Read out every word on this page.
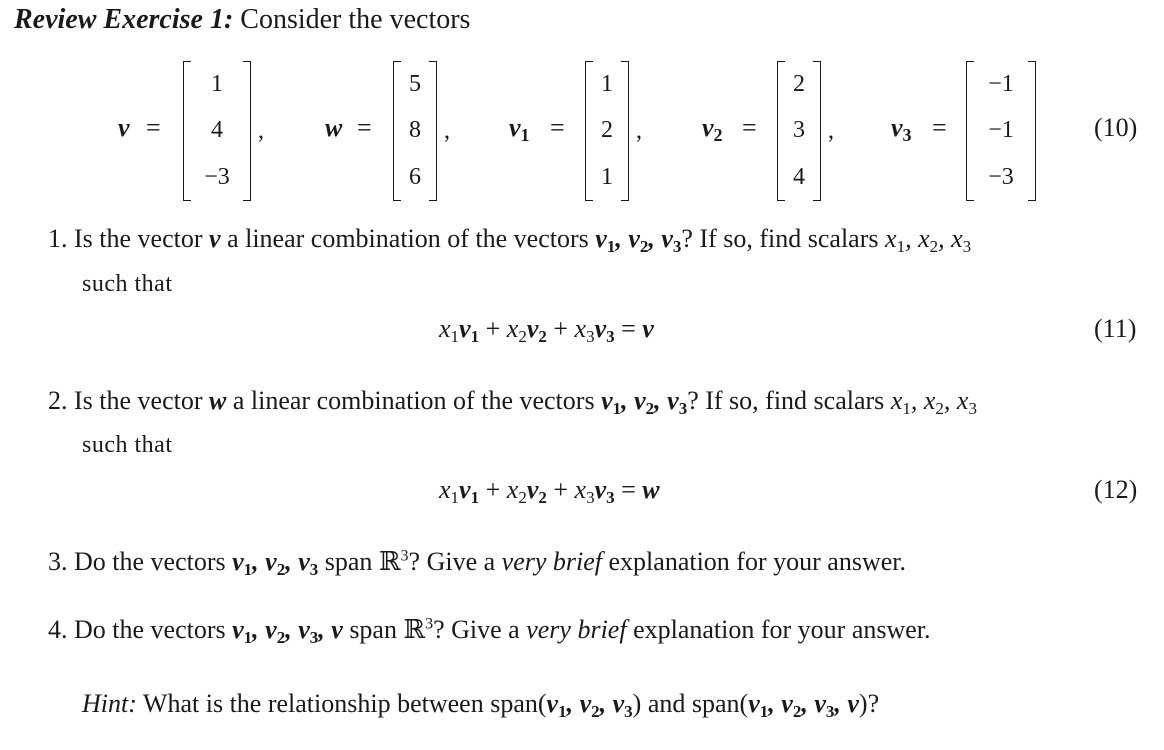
Review Exercise 1: Consider the vectors
v =
1
4
−3
, w =
5
8
6
, $v_1$ =
1
2
1
, $v_2$ =
2
3
4
, $v_3$ =
−1
−1
−3
(10)
1. Is the vector v a linear combination of the vectors $v_1$, $v_2$, $v_3$? If so, find scalars $x_1$, $x_2$, $x_3$
such that
$x_1v_1 + x_2v_2 + x_3v_3 = v$	(11)
2. Is the vector w a linear combination of the vectors $v_1$, $v_2$, $v_3$? If so, find scalars $x_1$, $x_2$, $x_3$
such that
$x_1v_1 + x_2v_2 + x_3v_3 = w$	(12)
3. Do the vectors $v_1$, $v_2$, $v_3$ span ℝ$^3$? Give a very brief explanation for your answer.
4. Do the vectors $v_1$, $v_2$, $v_3$, v span ℝ$^3$? Give a very brief explanation for your answer.
Hint: What is the relationship between $span(v_1$, $v_2$, $v_3$) and $span(v_1$, $v_2$, $v_3$, v)?
